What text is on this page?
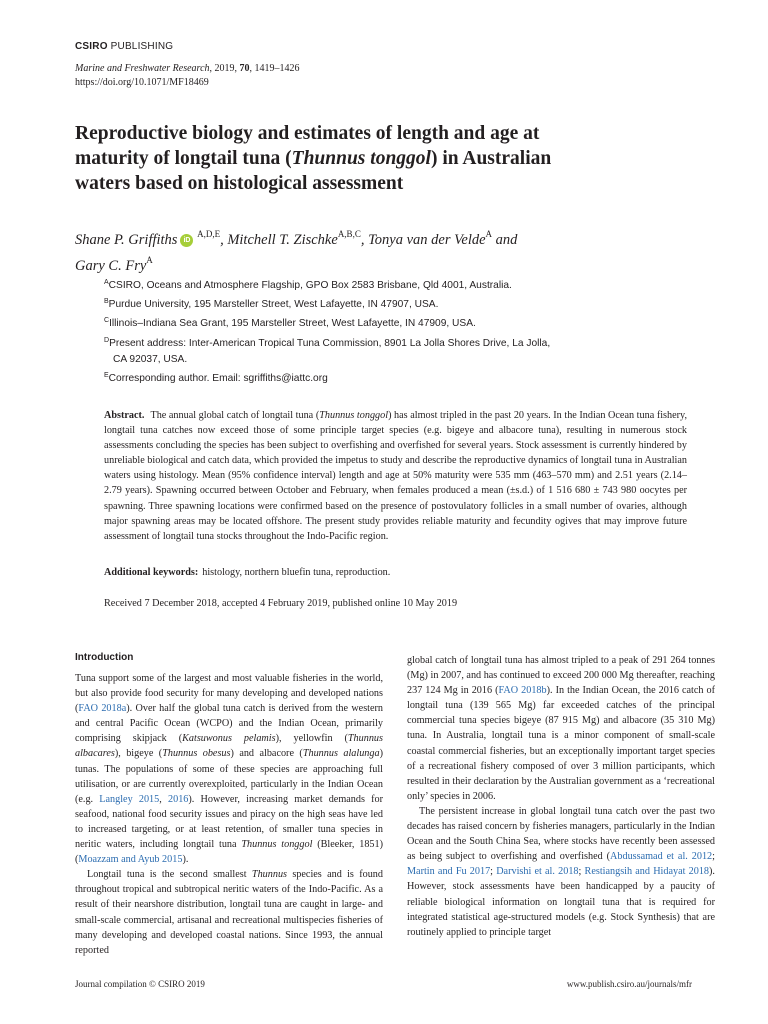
CSIRO PUBLISHING
Marine and Freshwater Research, 2019, 70, 1419–1426
https://doi.org/10.1071/MF18469
Reproductive biology and estimates of length and age at maturity of longtail tuna (Thunnus tonggol) in Australian waters based on histological assessment
Shane P. Griffiths iD $^{A,D,E}$, Mitchell T. Zischke$^{A,B,C}$, Tonya van der Velde$^A$ and
Gary C. Fry$^A$
$^A$CSIRO, Oceans and Atmosphere Flagship, GPO Box 2583 Brisbane, Qld 4001, Australia.
$^B$Purdue University, 195 Marsteller Street, West Lafayette, IN 47907, USA.
$^C$Illinois–Indiana Sea Grant, 195 Marsteller Street, West Lafayette, IN 47909, USA.
$^D$Present address: Inter-American Tropical Tuna Commission, 8901 La Jolla Shores Drive, La Jolla,
CA 92037, USA.
$^E$Corresponding author. Email: sgriffiths@iattc.org
Abstract. The annual global catch of longtail tuna (Thunnus tonggol) has almost tripled in the past 20 years. In the Indian Ocean tuna fishery, longtail tuna catches now exceed those of some principle target species (e.g. bigeye and albacore tuna), resulting in numerous stock assessments concluding the species has been subject to overfishing and overfished for several years. Stock assessment is currently hindered by unreliable biological and catch data, which provided the impetus to study and describe the reproductive dynamics of longtail tuna in Australian waters using histology. Mean (95% confidence interval) length and age at 50% maturity were 535 mm (463–570 mm) and 2.51 years (2.14–2.79 years). Spawning occurred between October and February, when females produced a mean (±s.d.) of 1 516 680 ± 743 980 oocytes per spawning. Three spawning locations were confirmed based on the presence of postovulatory follicles in a small number of ovaries, although major spawning areas may be located offshore. The present study provides reliable maturity and fecundity ogives that may improve future assessment of longtail tuna stocks throughout the Indo-Pacific region.
Additional keywords: histology, northern bluefin tuna, reproduction.
Received 7 December 2018, accepted 4 February 2019, published online 10 May 2019
Introduction

Tuna support some of the largest and most valuable fisheries in the world, but also provide food security for many developing and developed nations (FAO 2018a). Over half the global tuna catch is derived from the western and central Pacific Ocean (WCPO) and the Indian Ocean, primarily comprising skipjack (Katsuwonus pelamis), yellowfin (Thunnus albacares), bigeye (Thunnus obesus) and albacore (Thunnus alalunga) tunas. The populations of some of these species are approaching full utilisation, or are currently overexploited, particularly in the Indian Ocean (e.g. Langley 2015, 2016). However, increasing market demands for seafood, national food security issues and piracy on the high seas have led to increased targeting, or at least retention, of smaller tuna species in neritic waters, including longtail tuna Thunnus tonggol (Bleeker, 1851) (Moazzam and Ayub 2015).

Longtail tuna is the second smallest Thunnus species and is found throughout tropical and subtropical neritic waters of the Indo-Pacific. As a result of their nearshore distribution, longtail tuna are caught in large- and small-scale commercial, artisanal and recreational multispecies fisheries of many developing and developed coastal nations. Since 1993, the annual reported

global catch of longtail tuna has almost tripled to a peak of 291 264 tonnes (Mg) in 2007, and has continued to exceed 200 000 Mg thereafter, reaching 237 124 Mg in 2016 (FAO 2018b). In the Indian Ocean, the 2016 catch of longtail tuna (139 565 Mg) far exceeded catches of the principal commercial tuna species bigeye (87 915 Mg) and albacore (35 310 Mg) tuna. In Australia, longtail tuna is a minor component of small-scale coastal commercial fisheries, but an exceptionally important target species of a recreational fishery composed of over 3 million participants, which resulted in their declaration by the Australian government as a ‘recreational only’ species in 2006.

The persistent increase in global longtail tuna catch over the past two decades has raised concern by fisheries managers, particularly in the Indian Ocean and the South China Sea, where stocks have recently been assessed as being subject to overfishing and overfished (Abdussamad et al. 2012; Martin and Fu 2017; Darvishi et al. 2018; Restiangsih and Hidayat 2018). However, stock assessments have been handicapped by a paucity of reliable biological information on longtail tuna that is required for integrated statistical age-structured models (e.g. Stock Synthesis) that are routinely applied to principle target

Journal compilation © CSIRO 2019	www.publish.csiro.au/journals/mfr
